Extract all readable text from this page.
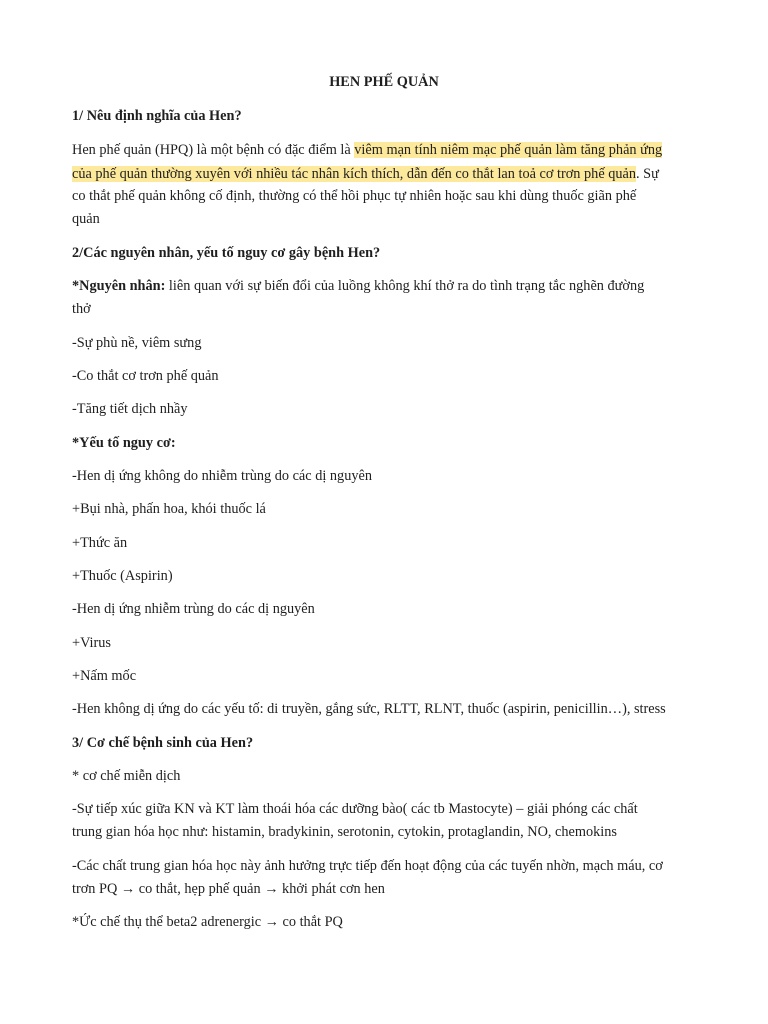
HEN PHẾ QUẢN
1/ Nêu định nghĩa của Hen?
Hen phế quản (HPQ) là một bệnh có đặc điểm là viêm mạn tính niêm mạc phế quản làm tăng phản ứng
của phế quản thường xuyên với nhiều tác nhân kích thích, dẫn đến co thắt lan toả cơ trơn phế quản. Sự
co thắt phế quản không cố định, thường có thể hồi phục tự nhiên hoặc sau khi dùng thuốc giãn phế
quản
2/Các nguyên nhân, yếu tố nguy cơ gây bệnh Hen?
*Nguyên nhân: liên quan với sự biến đổi của luồng không khí thở ra do tình trạng tắc nghẽn đường
thở
-Sự phù nề, viêm sưng
-Co thắt cơ trơn phế quản
-Tăng tiết dịch nhầy
*Yếu tố nguy cơ:
-Hen dị ứng không do nhiễm trùng do các dị nguyên
+Bụi nhà, phấn hoa, khói thuốc lá
+Thức ăn
+Thuốc (Aspirin)
-Hen dị ứng nhiễm trùng do các dị nguyên
+Virus
+Nấm mốc
-Hen không dị ứng do các yếu tố: di truyền, gắng sức, RLTT, RLNT, thuốc (aspirin, penicillin…), stress
3/ Cơ chế bệnh sinh của Hen?
* cơ chế miễn dịch
-Sự tiếp xúc giữa KN và KT làm thoái hóa các dưỡng bào( các tb Mastocyte) – giải phóng các chất
trung gian hóa học như: histamin, bradykinin, serotonin, cytokin, protaglandin, NO, chemokins
-Các chất trung gian hóa học này ảnh hưởng trực tiếp đến hoạt động của các tuyến nhờn, mạch máu, cơ
trơn PQ → co thắt, hẹp phế quản → khởi phát cơn hen
*Ức chế thụ thể beta2 adrenergic → co thắt PQ
